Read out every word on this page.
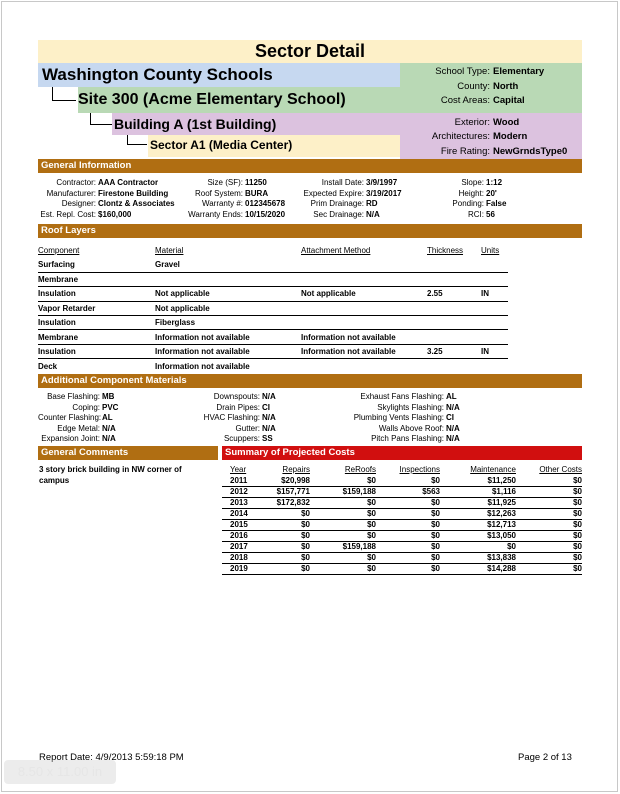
Sector Detail
Washington County Schools
Site 300 (Acme Elementary School)
Building A (1st Building)
Sector A1 (Media Center)
School Type: Elementary
County: North
Cost Areas: Capital
Exterior: Wood
Architectures: Modern
Fire Rating: NewGrndsType0
General Information
Contractor: AAA Contractor
Manufacturer: Firestone Building
Designer: Clontz & Associates
Est. Repl. Cost: $160,000
Size (SF): 11250
Roof System: BURA
Warranty #: 012345678
Warranty Ends: 10/15/2020
Install Date: 3/9/1997
Expected Expire: 3/19/2017
Prim Drainage: RD
Sec Drainage: N/A
Slope: 1:12
Height: 20'
Ponding: False
RCI: 56
Roof Layers
Component	Material	Attachment Method	Thickness	Units
Surfacing	Gravel			
Membrane				
Insulation	Not applicable	Not applicable	2.55	IN
Vapor Retarder	Not applicable			
Insulation	Fiberglass			
Membrane	Information not available	Information not available		
Insulation	Information not available	Information not available	3.25	IN
Deck	Information not available			
Additional Component Materials
Base Flashing: MB
Coping: PVC
Counter Flashing:AL
Edge Metal: N/A
Expansion Joint: N/A
Downspouts: N/A
Drain Pipes: CI
HVAC Flashing: N/A
Gutter: N/A
Scuppers: SS
Exhaust Fans Flashing: AL
Skylights Flashing: N/A
Plumbing Vents Flashing: CI
Walls Above Roof: N/A
Pitch Pans Flashing: N/A
General Comments
3 story brick building in NW corner of campus
Summary of Projected Costs
Year	Repairs	ReRoofs	Inspections	Maintenance	Other Costs
2011	$20,998	$0	$0	$11,250	$0
2012	$157,771	$159,188	$563	$1,116	$0
2013	$172,832	$0	$0	$11,925	$0
2014	$0	$0	$0	$12,263	$0
2015	$0	$0	$0	$12,713	$0
2016	$0	$0	$0	$13,050	$0
2017	$0	$159,188	$0	$0	$0
2018	$0	$0	$0	$13,838	$0
2019	$0	$0	$0	$14,288	$0
Report Date: 4/9/2013 5:59:18 PM	Page 2 of 13
8.50 x 11.00 in
